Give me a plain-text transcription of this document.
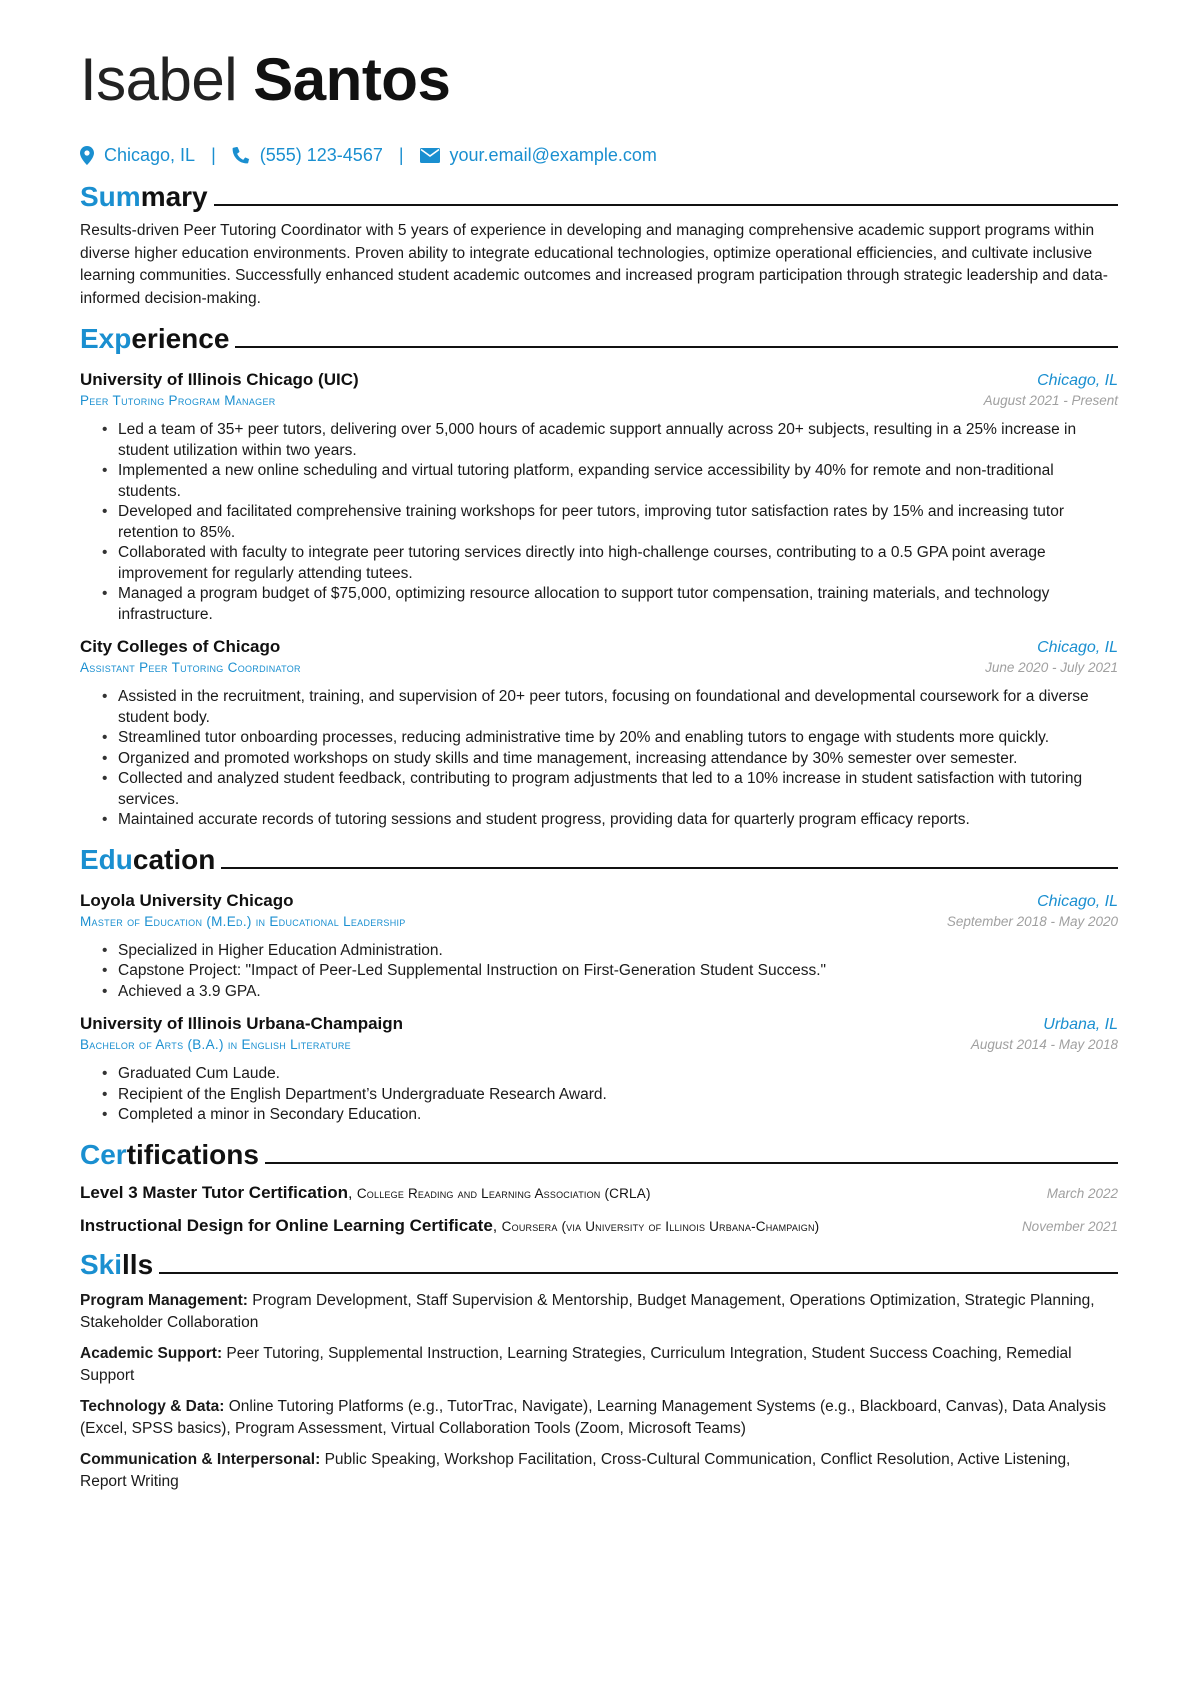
Isabel Santos
Chicago, IL | (555) 123-4567 |	your.email@example.com
Summary

Results-driven Peer Tutoring Coordinator with 5 years of experience in developing and managing comprehensive academic support programs within diverse higher education environments. Proven ability to integrate educational technologies, optimize operational efficiencies, and cultivate inclusive learning communities. Successfully enhanced student academic outcomes and increased program participation through strategic leadership and data-informed decision-making.

Experience
University of Illinois Chicago (UIC)	Chicago, IL
Peer Tutoring Program Manager	August 2021 - Present
• Led a team of 35+ peer tutors, delivering over 5,000 hours of academic support annually across 20+ subjects, resulting in a 25% increase in student utilization within two years.
• Implemented a new online scheduling and virtual tutoring platform, expanding service accessibility by 40% for remote and non-traditional students.
• Developed and facilitated comprehensive training workshops for peer tutors, improving tutor satisfaction rates by 15% and increasing tutor retention to 85%.
• Collaborated with faculty to integrate peer tutoring services directly into high-challenge courses, contributing to a 0.5 GPA point average improvement for regularly attending tutees.
• Managed a program budget of $75,000, optimizing resource allocation to support tutor compensation, training materials, and technology infrastructure.
City Colleges of Chicago	Chicago, IL
Assistant Peer Tutoring Coordinator	June 2020 - July 2021
• Assisted in the recruitment, training, and supervision of 20+ peer tutors, focusing on foundational and developmental coursework for a diverse student body.
• Streamlined tutor onboarding processes, reducing administrative time by 20% and enabling tutors to engage with students more quickly.
• Organized and promoted workshops on study skills and time management, increasing attendance by 30% semester over semester.
• Collected and analyzed student feedback, contributing to program adjustments that led to a 10% increase in student satisfaction with tutoring services.
• Maintained accurate records of tutoring sessions and student progress, providing data for quarterly program efficacy reports.
Education
Loyola University Chicago	Chicago, IL
Master of Education (M.Ed.) in Educational Leadership	September 2018 - May 2020
• Specialized in Higher Education Administration.
• Capstone Project: "Impact of Peer-Led Supplemental Instruction on First-Generation Student Success."
• Achieved a 3.9 GPA.
University of Illinois Urbana-Champaign	Urbana, IL
Bachelor of Arts (B.A.) in English Literature	August 2014 - May 2018
• Graduated Cum Laude.
• Recipient of the English Department’s Undergraduate Research Award.
• Completed a minor in Secondary Education.
Certifications
Level 3 Master Tutor Certification, College Reading and Learning Association (CRLA)	March 2022
Instructional Design for Online Learning Certificate, Coursera (via University of Illinois Urbana-Champaign)	November 2021
Skills

Program Management: Program Development, Staff Supervision & Mentorship, Budget Management, Operations Optimization, Strategic Planning, Stakeholder Collaboration

Academic Support: Peer Tutoring, Supplemental Instruction, Learning Strategies, Curriculum Integration, Student Success Coaching, Remedial Support

Technology & Data: Online Tutoring Platforms (e.g., TutorTrac, Navigate), Learning Management Systems (e.g., Blackboard, Canvas), Data Analysis (Excel, SPSS basics), Program Assessment, Virtual Collaboration Tools (Zoom, Microsoft Teams)

Communication & Interpersonal: Public Speaking, Workshop Facilitation, Cross-Cultural Communication, Conflict Resolution, Active Listening, Report Writing
